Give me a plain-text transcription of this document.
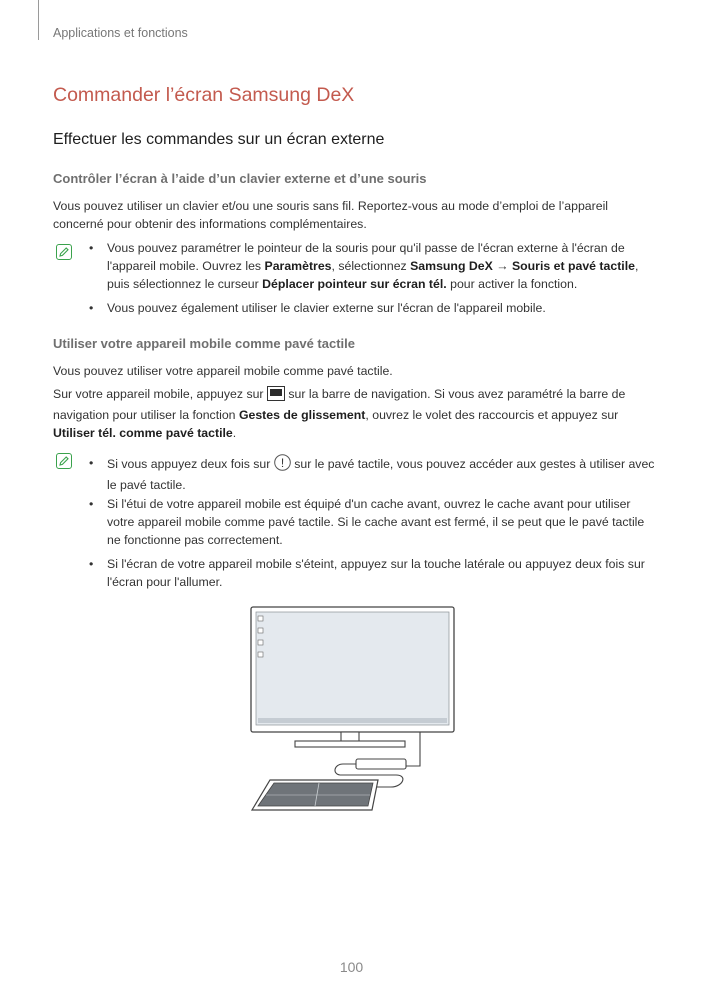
Applications et fonctions
Commander l’écran Samsung DeX
Effectuer les commandes sur un écran externe
Contrôler l’écran à l’aide d’un clavier externe et d’une souris

Vous pouvez utiliser un clavier et/ou une souris sans fil. Reportez-vous au mode d’emploi de l’appareil concerné pour obtenir des informations complémentaires.

• Vous pouvez paramétrer le pointeur de la souris pour qu'il passe de l'écran externe à l'écran de l'appareil mobile. Ouvrez les Paramètres, sélectionnez Samsung DeX → Souris et pavé tactile, puis sélectionnez le curseur Déplacer pointeur sur écran tél. pour activer la fonction.
• Vous pouvez également utiliser le clavier externe sur l'écran de l'appareil mobile.
Utiliser votre appareil mobile comme pavé tactile

Vous pouvez utiliser votre appareil mobile comme pavé tactile.

Sur votre appareil mobile, appuyez sur  sur la barre de navigation. Si vous avez paramétré la barre de navigation pour utiliser la fonction Gestes de glissement, ouvrez le volet des raccourcis et appuyez sur Utiliser tél. comme pavé tactile.

• Si vous appuyez deux fois sur ! sur le pavé tactile, vous pouvez accéder aux gestes à utiliser avec le pavé tactile.
• Si l'étui de votre appareil mobile est équipé d'un cache avant, ouvrez le cache avant pour utiliser votre appareil mobile comme pavé tactile. Si le cache avant est fermé, il se peut que le pavé tactile ne fonctionne pas correctement.
• Si l'écran de votre appareil mobile s'éteint, appuyez sur la touche latérale ou appuyez deux fois sur l'écran pour l'allumer.
100
